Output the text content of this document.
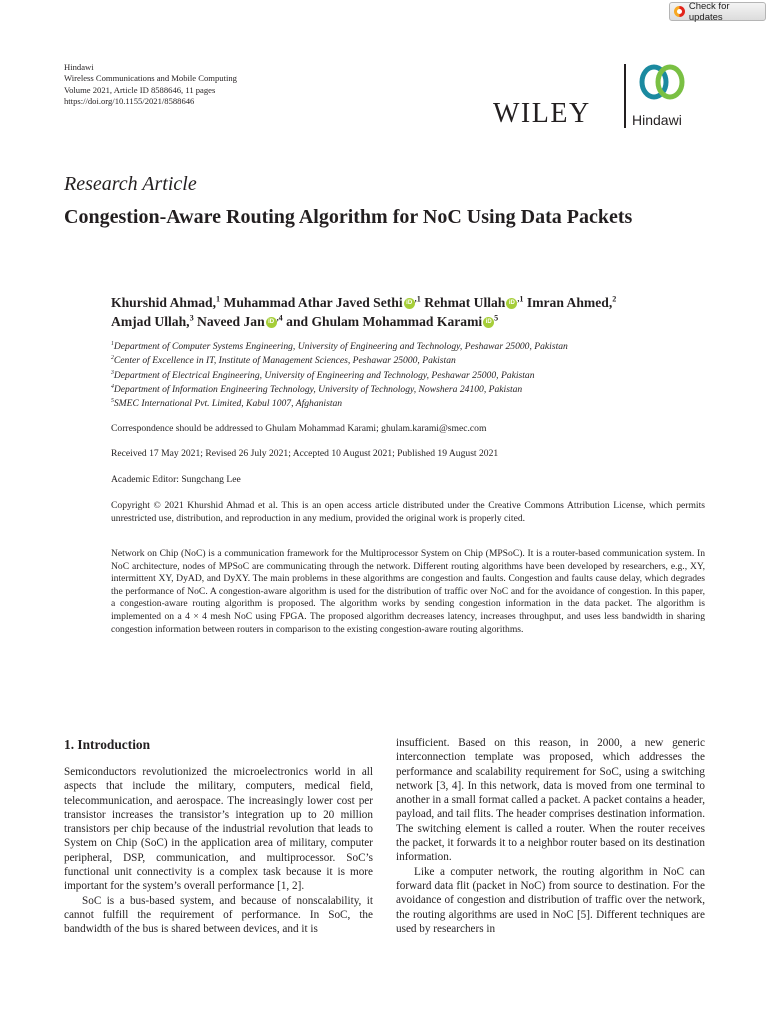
Check for updates
Hindawi
Wireless Communications and Mobile Computing
Volume 2021, Article ID 8588646, 11 pages
https://doi.org/10.1155/2021/8588646	WILEY	Hindawi
Research Article
Congestion-Aware Routing Algorithm for NoC Using Data Packets
Khurshid Ahmad,$^1$ Muhammad Athar Javed Sethi iD $^{,1}$ Rehmat Ullah iD $^{,1}$ Imran Ahmed,$^2$
Amjad Ullah,$^3$ Naveed Jan iD $^{,4}$ and Ghulam Mohammad Karami iD $^5$
$^1$Department of Computer Systems Engineering, University of Engineering and Technology, Peshawar 25000, Pakistan
$^2$Center of Excellence in IT, Institute of Management Sciences, Peshawar 25000, Pakistan
$^3$Department of Electrical Engineering, University of Engineering and Technology, Peshawar 25000, Pakistan
$^4$Department of Information Engineering Technology, University of Technology, Nowshera 24100, Pakistan
$^5$SMEC International Pvt. Limited, Kabul 1007, Afghanistan
Correspondence should be addressed to Ghulam Mohammad Karami; ghulam.karami@smec.com
Received 17 May 2021; Revised 26 July 2021; Accepted 10 August 2021; Published 19 August 2021
Academic Editor: Sungchang Lee
Copyright © 2021 Khurshid Ahmad et al. This is an open access article distributed under the Creative Commons Attribution License, which permits unrestricted use, distribution, and reproduction in any medium, provided the original work is properly cited.
Network on Chip (NoC) is a communication framework for the Multiprocessor System on Chip (MPSoC). It is a router-based communication system. In NoC architecture, nodes of MPSoC are communicating through the network. Different routing algorithms have been developed by researchers, e.g., XY, intermittent XY, DyAD, and DyXY. The main problems in these algorithms are congestion and faults. Congestion and faults cause delay, which degrades the performance of NoC. A congestion-aware algorithm is used for the distribution of traffic over NoC and for the avoidance of congestion. In this paper, a congestion-aware routing algorithm is proposed. The algorithm works by sending congestion information in the data packet. The algorithm is implemented on a 4 × 4 mesh NoC using FPGA. The proposed algorithm decreases latency, increases throughput, and uses less bandwidth in sharing congestion information between routers in comparison to the existing congestion-aware routing algorithms.
1. Introduction

Semiconductors revolutionized the microelectronics world in all aspects that include the military, computers, medical field, telecommunication, and aerospace. The increasingly lower cost per transistor increases the transistor’s integration up to 20 million transistors per chip because of the industrial revolution that leads to System on Chip (SoC) in the application area of military, computer peripheral, DSP, communication, and multiprocessor. SoC’s functional unit connectivity is a complex task because it is more important for the system’s overall performance [1, 2].

SoC is a bus-based system, and because of nonscalability, it cannot fulfill the requirement of performance. In SoC, the bandwidth of the bus is shared between devices, and it is

insufficient. Based on this reason, in 2000, a new generic interconnection template was proposed, which addresses the performance and scalability requirement for SoC, using a switching network [3, 4]. In this network, data is moved from one terminal to another in a small format called a packet. A packet contains a header, payload, and tail flits. The header comprises destination information. The switching element is called a router. When the router receives the packet, it forwards it to a neighbor router based on its destination information.

Like a computer network, the routing algorithm in NoC can forward data flit (packet in NoC) from source to destination. For the avoidance of congestion and distribution of traffic over the network, the routing algorithms are used in NoC [5]. Different techniques are used by researchers in
